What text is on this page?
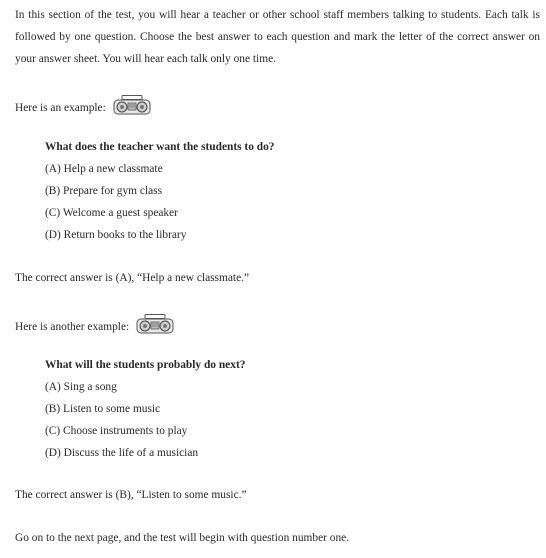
In this section of the test, you will hear a teacher or other school staff members talking to students. Each talk is followed by one question. Choose the best answer to each question and mark the letter of the correct answer on your answer sheet. You will hear each talk only one time.

Here is an example:

What does the teacher want the students to do?

(A) Help a new classmate

(B) Prepare for gym class

(C) Welcome a guest speaker

(D) Return books to the library

The correct answer is (A), “Help a new classmate.”

Here is another example:

What will the students probably do next?

(A) Sing a song

(B) Listen to some music

(C) Choose instruments to play

(D) Discuss the life of a musician

The correct answer is (B), “Listen to some music.”

Go on to the next page, and the test will begin with question number one.
